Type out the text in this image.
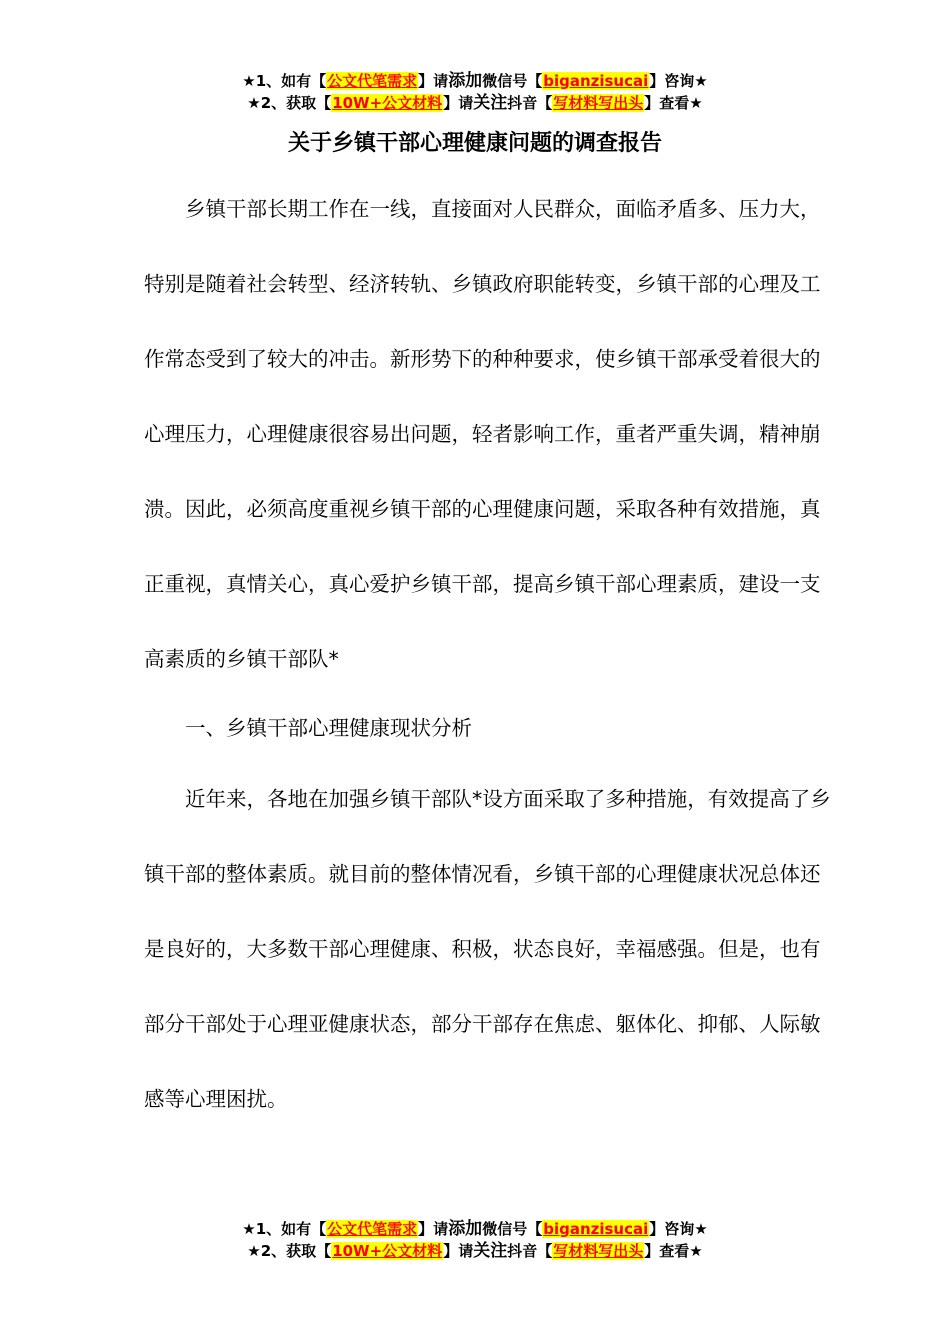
★1、如有【公文代笔需求】请添加微信号【biganzisucai】咨询★
★2、获取【10W+公文材料】请关注抖音【写材料写出头】查看★
关于乡镇干部心理健康问题的调查报告

乡镇干部长期工作在一线，直接面对人民群众，面临矛盾多、压力大，特别是随着社会转型、经济转轨、乡镇政府职能转变，乡镇干部的心理及工作常态受到了较大的冲击。新形势下的种种要求，使乡镇干部承受着很大的心理压力，心理健康很容易出问题，轻者影响工作，重者严重失调，精神崩溃。因此，必须高度重视乡镇干部的心理健康问题，采取各种有效措施，真正重视，真情关心，真心爱护乡镇干部，提高乡镇干部心理素质，建设一支高素质的乡镇干部队*

一、乡镇干部心理健康现状分析

近年来，各地在加强乡镇干部队*设方面采取了多种措施，有效提高了乡镇干部的整体素质。就目前的整体情况看，乡镇干部的心理健康状况总体还是良好的，大多数干部心理健康、积极，状态良好，幸福感强。但是，也有部分干部处于心理亚健康状态，部分干部存在焦虑、躯体化、抑郁、人际敏感等心理困扰。

★1、如有【公文代笔需求】请添加微信号【biganzisucai】咨询★
★2、获取【10W+公文材料】请关注抖音【写材料写出头】查看★
